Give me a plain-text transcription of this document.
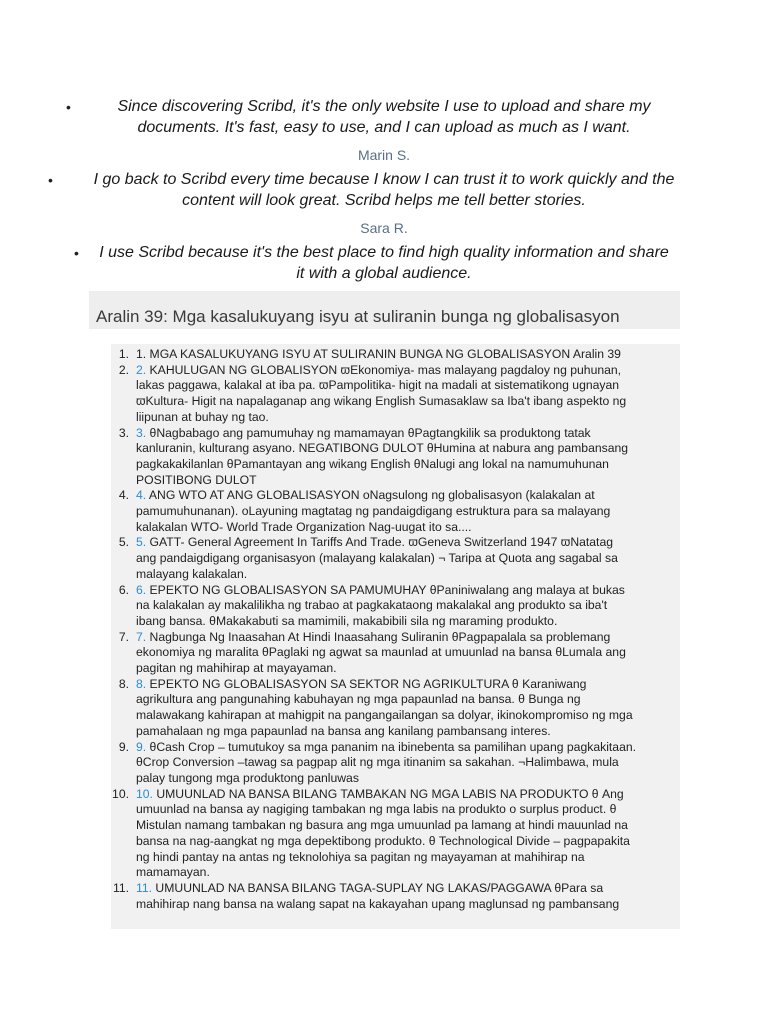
•	Since discovering Scribd, it's the only website I use to upload and share my documents. It's fast, easy to use, and I can upload as much as I want.

Marin S.

•	I go back to Scribd every time because I know I can trust it to work quickly and the content will look great. Scribd helps me tell better stories.

Sara R.

• I use Scribd because it's the best place to find high quality information and share it with a global audience.

Aralin 39: Mga kasalukuyang isyu at suliranin bunga ng globalisasyon
1. 1. MGA KASALUKUYANG ISYU AT SULIRANIN BUNGA NG GLOBALISASYON Aralin 39
2. 2. KAHULUGAN NG GLOBALISYON ϖEkonomiya- mas malayang pagdaloy ng puhunan,
lakas paggawa, kalakal at iba pa. ϖPampolitika- higit na madali at sistematikong ugnayan
ϖKultura- Higit na napalaganap ang wikang English Sumasaklaw sa Iba't ibang aspekto ng
liipunan at buhay ng tao.
3. 3. θNagbabago ang pamumuhay ng mamamayan θPagtangkilik sa produktong tatak
kanluranin, kulturang asyano. NEGATIBONG DULOT θHumina at nabura ang pambansang
pagkakakilanlan θPamantayan ang wikang English θNalugi ang lokal na namumuhunan
POSITIBONG DULOT
4. 4. ANG WTO AT ANG GLOBALISASYON oNagsulong ng globalisasyon (kalakalan at
pamumuhunanan). oLayuning magtatag ng pandaigdigang estruktura para sa malayang
kalakalan WTO- World Trade Organization Nag-uugat ito sa....
5. 5. GATT- General Agreement In Tariffs And Trade. ϖGeneva Switzerland 1947 ϖNatatag
ang pandaigdigang organisasyon (malayang kalakalan) ¬ Taripa at Quota ang sagabal sa
malayang kalakalan.
6. 6. EPEKTO NG GLOBALISASYON SA PAMUMUHAY θPaniniwalang ang malaya at bukas
na kalakalan ay makalilikha ng trabao at pagkakataong makalakal ang produkto sa iba't
ibang bansa. θMakakabuti sa mamimili, makabibili sila ng maraming produkto.
7. 7. Nagbunga Ng Inaasahan At Hindi Inaasahang Suliranin θPagpapalala sa problemang
ekonomiya ng maralita θPaglaki ng agwat sa maunlad at umuunlad na bansa θLumala ang
pagitan ng mahihirap at mayayaman.
8. 8. EPEKTO NG GLOBALISASYON SA SEKTOR NG AGRIKULTURA θ Karaniwang
agrikultura ang pangunahing kabuhayan ng mga papaunlad na bansa. θ Bunga ng
malawakang kahirapan at mahigpit na pangangailangan sa dolyar, ikinokompromiso ng mga
pamahalaan ng mga papaunlad na bansa ang kanilang pambansang interes.
9. 9. θCash Crop – tumutukoy sa mga pananim na ibinebenta sa pamilihan upang pagkakitaan.
θCrop Conversion –tawag sa pagpap alit ng mga itinanim sa sakahan. ¬Halimbawa, mula
palay tungong mga produktong panluwas
10. 10. UMUUNLAD NA BANSA BILANG TAMBAKAN NG MGA LABIS NA PRODUKTO θ Ang
umuunlad na bansa ay nagiging tambakan ng mga labis na produkto o surplus product. θ
Mistulan namang tambakan ng basura ang mga umuunlad pa lamang at hindi mauunlad na
bansa na nag-aangkat ng mga depektibong produkto. θ Technological Divide – pagpapakita
ng hindi pantay na antas ng teknolohiya sa pagitan ng mayayaman at mahihirap na
mamamayan.
11. 11. UMUUNLAD NA BANSA BILANG TAGA-SUPLAY NG LAKAS/PAGGAWA θPara sa
mahihirap nang bansa na walang sapat na kakayahan upang maglunsad ng pambansang
